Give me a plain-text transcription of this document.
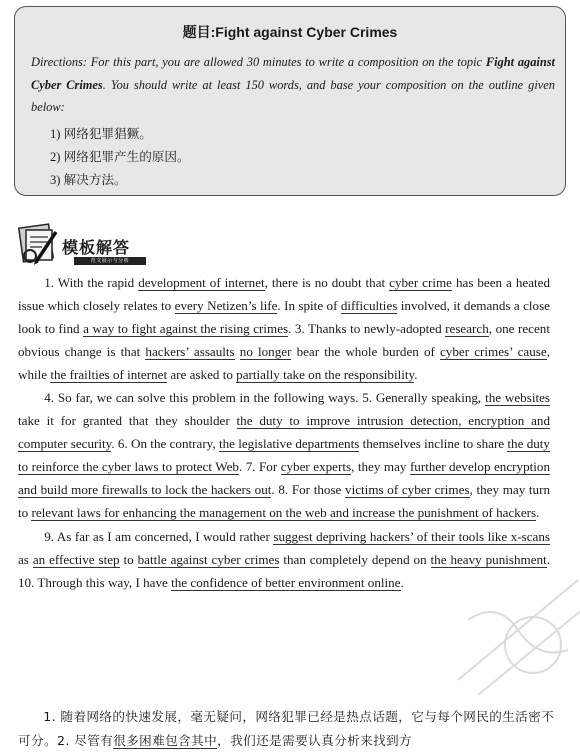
题目:Fight against Cyber Crimes
Directions: For this part, you are allowed 30 minutes to write a composition on the topic Fight against Cyber Crimes. You should write at least 150 words, and base your composition on the outline given below:
1) 网络犯罪猖獗。
2) 网络犯罪产生的原因。
3) 解决方法。
模板解答
范文展示与分析

1. With the rapid development of internet, there is no doubt that cyber crime has been a heated issue which closely relates to every Netizen’s life. In spite of difficulties involved, it demands a close look to find a way to fight against the rising crimes. 3. Thanks to newly-adopted research, one recent obvious change is that hackers’ assaults no longer bear the whole burden of cyber crimes’ cause, while the frailties of internet are asked to partially take on the responsibility.

4. So far, we can solve this problem in the following ways. 5. Generally speaking, the websites take it for granted that they shoulder the duty to improve intrusion detection, encryption and computer security. 6. On the contrary, the legislative departments themselves incline to share the duty to reinforce the cyber laws to protect Web. 7. For cyber experts, they may further develop encryption and build more firewalls to lock the hackers out. 8. For those victims of cyber crimes, they may turn to relevant laws for enhancing the management on the web and increase the punishment of hackers.

9. As far as I am concerned, I would rather suggest depriving hackers’ of their tools like x-scans as an effective step to battle against cyber crimes than completely depend on the heavy punishment. 10. Through this way, I have the confidence of better environment online.

1. 随着网络的快速发展，毫无疑问，网络犯罪已经是热点话题，它与每个网民的生活密不可分。2. 尽管有很多困难包含其中，我们还是需要认真分析来找到方
